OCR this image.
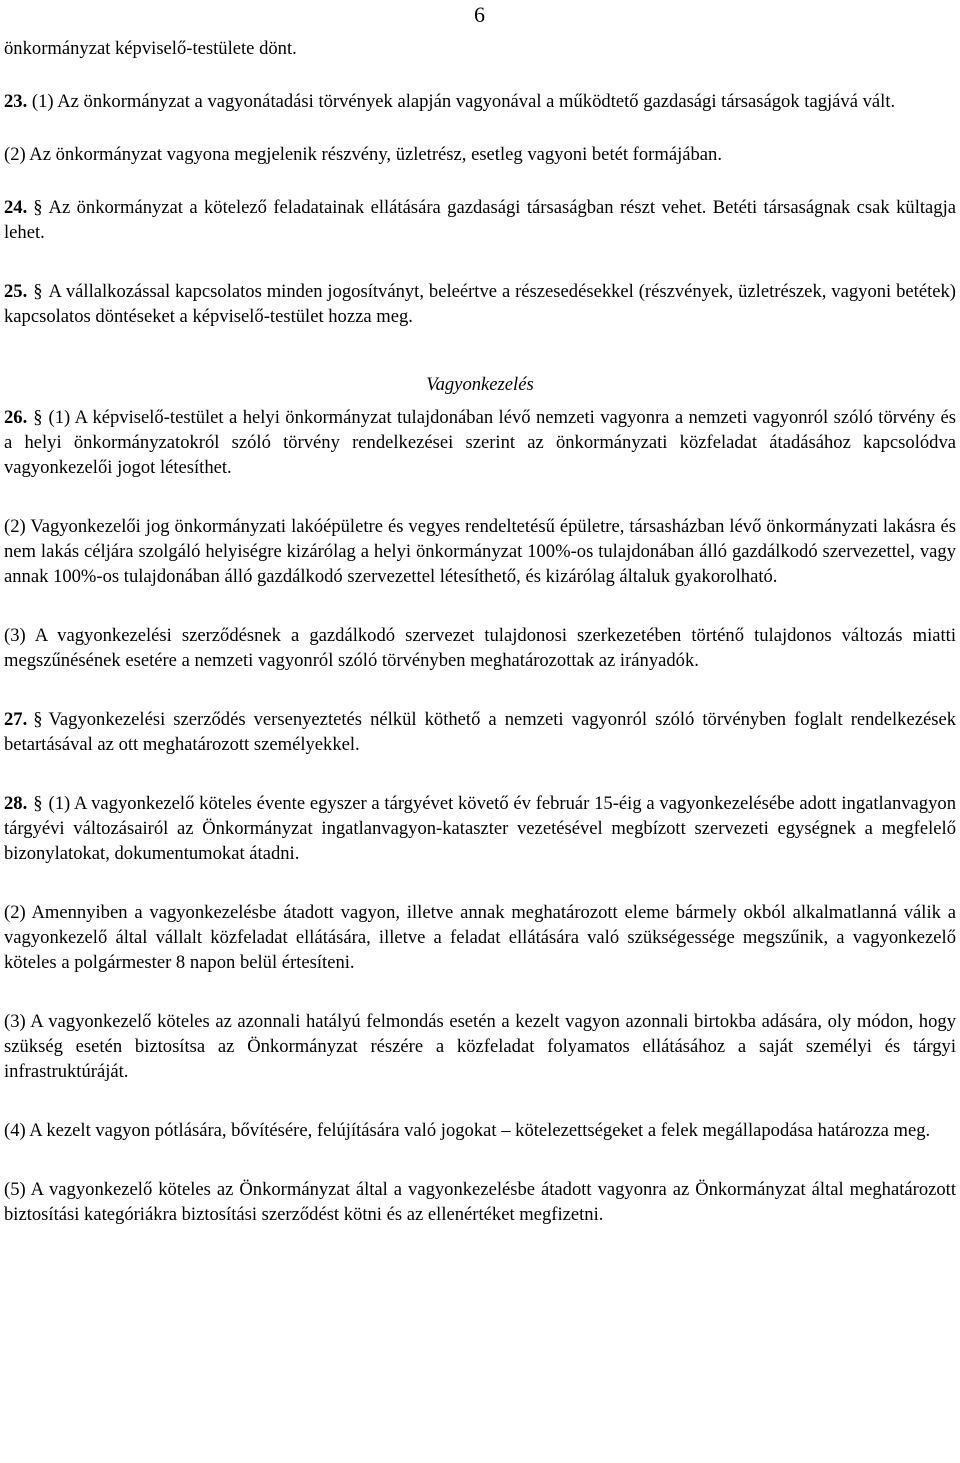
6

önkormányzat képviselő-testülete dönt.

23. (1) Az önkormányzat a vagyonátadási törvények alapján vagyonával a működtető gazdasági társaságok tagjává vált.

(2) Az önkormányzat vagyona megjelenik részvény, üzletrész, esetleg vagyoni betét formájában.

24. § Az önkormányzat a kötelező feladatainak ellátására gazdasági társaságban részt vehet. Betéti társaságnak csak kültagja lehet.

25. § A vállalkozással kapcsolatos minden jogosítványt, beleértve a részesedésekkel (részvények, üzletrészek, vagyoni betétek) kapcsolatos döntéseket a képviselő-testület hozza meg.

Vagyonkezelés

26. § (1) A képviselő-testület a helyi önkormányzat tulajdonában lévő nemzeti vagyonra a nemzeti vagyonról szóló törvény és a helyi önkormányzatokról szóló törvény rendelkezései szerint az önkormányzati közfeladat átadásához kapcsolódva vagyonkezelői jogot létesíthet.

(2) Vagyonkezelői jog önkormányzati lakóépületre és vegyes rendeltetésű épületre, társasházban lévő önkormányzati lakásra és nem lakás céljára szolgáló helyiségre kizárólag a helyi önkormányzat 100%-os tulajdonában álló gazdálkodó szervezettel, vagy annak 100%-os tulajdonában álló gazdálkodó szervezettel létesíthető, és kizárólag általuk gyakorolható.

(3) A vagyonkezelési szerződésnek a gazdálkodó szervezet tulajdonosi szerkezetében történő tulajdonos változás miatti megszűnésének esetére a nemzeti vagyonról szóló törvényben meghatározottak az irányadók.

27. § Vagyonkezelési szerződés versenyeztetés nélkül köthető a nemzeti vagyonról szóló törvényben foglalt rendelkezések betartásával az ott meghatározott személyekkel.

28. § (1) A vagyonkezelő köteles évente egyszer a tárgyévet követő év február 15-éig a vagyonkezelésébe adott ingatlanvagyon tárgyévi változásairól az Önkormányzat ingatlanvagyon-kataszter vezetésével megbízott szervezeti egységnek a megfelelő bizonylatokat, dokumentumokat átadni.

(2) Amennyiben a vagyonkezelésbe átadott vagyon, illetve annak meghatározott eleme bármely okból alkalmatlanná válik a vagyonkezelő által vállalt közfeladat ellátására, illetve a feladat ellátására való szükségessége megszűnik, a vagyonkezelő köteles a polgármester 8 napon belül értesíteni.

(3) A vagyonkezelő köteles az azonnali hatályú felmondás esetén a kezelt vagyon azonnali birtokba adására, oly módon, hogy szükség esetén biztosítsa az Önkormányzat részére a közfeladat folyamatos ellátásához a saját személyi és tárgyi infrastruktúráját.

(4) A kezelt vagyon pótlására, bővítésére, felújítására való jogokat – kötelezettségeket a felek megállapodása határozza meg.

(5) A vagyonkezelő köteles az Önkormányzat által a vagyonkezelésbe átadott vagyonra az Önkormányzat által meghatározott biztosítási kategóriákra biztosítási szerződést kötni és az ellenértéket megfizetni.
